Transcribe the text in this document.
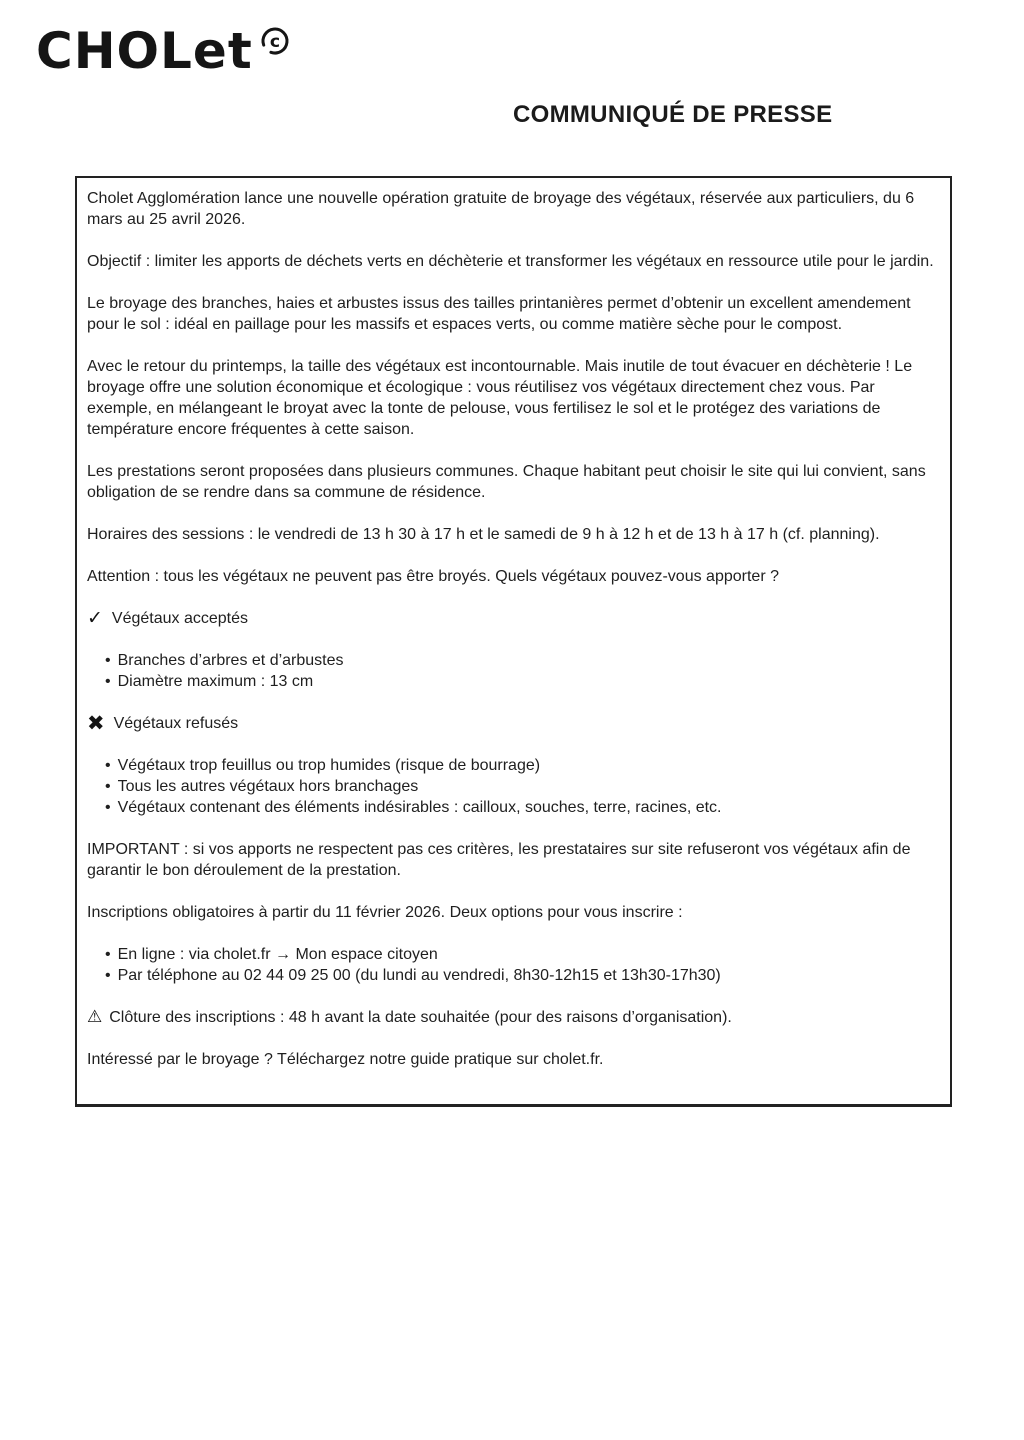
CHOLet c
COMMUNIQUÉ DE PRESSE

Cholet Agglomération lance une nouvelle opération gratuite de broyage des végétaux, réservée aux particuliers, du 6 mars au 25 avril 2026.

Objectif : limiter les apports de déchets verts en déchèterie et transformer les végétaux en ressource utile pour le jardin.

Le broyage des branches, haies et arbustes issus des tailles printanières permet d’obtenir un excellent amendement pour le sol : idéal en paillage pour les massifs et espaces verts, ou comme matière sèche pour le compost.

Avec le retour du printemps, la taille des végétaux est incontournable. Mais inutile de tout évacuer en déchèterie ! Le broyage offre une solution économique et écologique : vous réutilisez vos végétaux directement chez vous. Par exemple, en mélangeant le broyat avec la tonte de pelouse, vous fertilisez le sol et le protégez des variations de température encore fréquentes à cette saison.

Les prestations seront proposées dans plusieurs communes. Chaque habitant peut choisir le site qui lui convient, sans obligation de se rendre dans sa commune de résidence.

Horaires des sessions : le vendredi de 13 h 30 à 17 h et le samedi de 9 h à 12 h et de 13 h à 17 h (cf. planning).

Attention : tous les végétaux ne peuvent pas être broyés. Quels végétaux pouvez-vous apporter ?

✓ Végétaux acceptés
• Branches d’arbres et d’arbustes
• Diamètre maximum : 13 cm
✖ Végétaux refusés
• Végétaux trop feuillus ou trop humides (risque de bourrage)
• Tous les autres végétaux hors branchages
• Végétaux contenant des éléments indésirables : cailloux, souches, terre, racines, etc.

IMPORTANT : si vos apports ne respectent pas ces critères, les prestataires sur site refuseront vos végétaux afin de garantir le bon déroulement de la prestation.

Inscriptions obligatoires à partir du 11 février 2026. Deux options pour vous inscrire :

• En ligne : via cholet.fr → Mon espace citoyen
• Par téléphone au 02 44 09 25 00 (du lundi au vendredi, 8h30-12h15 et 13h30-17h30)

⚠ Clôture des inscriptions : 48 h avant la date souhaitée (pour des raisons d’organisation).

Intéressé par le broyage ? Téléchargez notre guide pratique sur cholet.fr.
